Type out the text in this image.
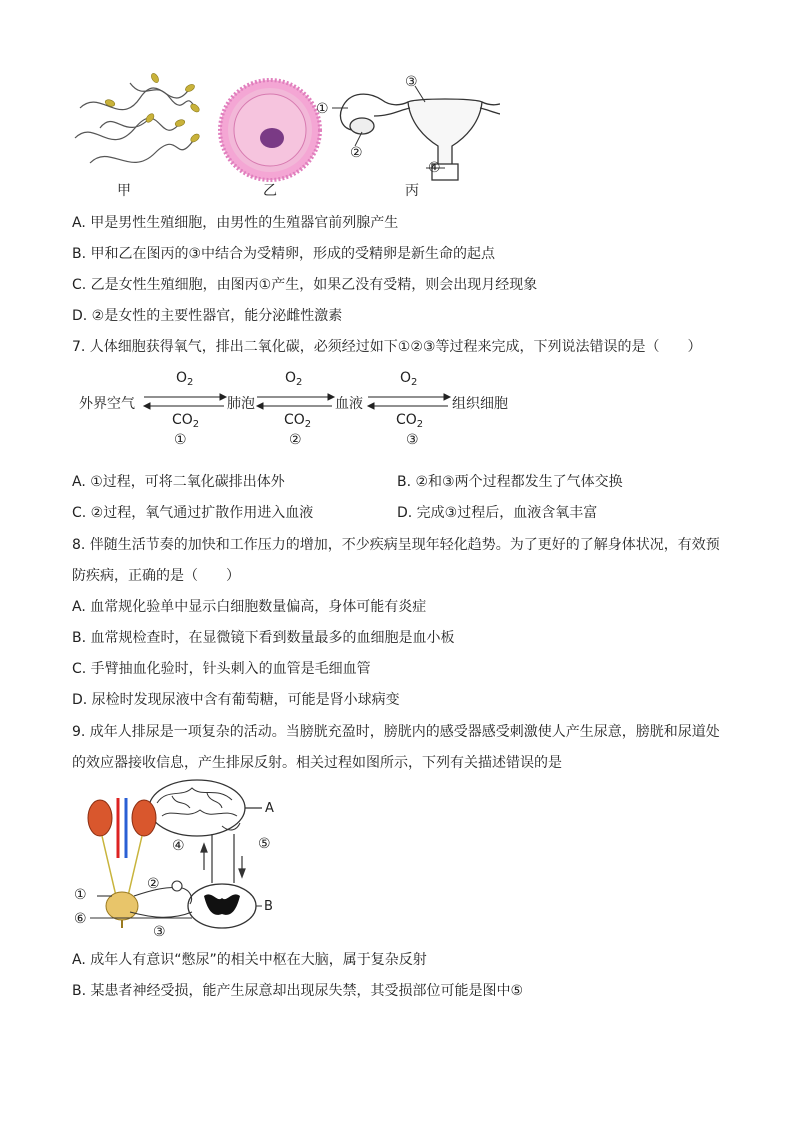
①
②
③
④
甲	乙	丙
A. 甲是男性生殖细胞，由男性的生殖器官前列腺产生
B. 甲和乙在图丙的③中结合为受精卵，形成的受精卵是新生命的起点
C. 乙是女性生殖细胞，由图丙①产生，如果乙没有受精，则会出现月经现象
D. ②是女性的主要性器官，能分泌雌性激素
7. 人体细胞获得氧气，排出二氧化碳，必须经过如下①②③等过程来完成，下列说法错误的是（　　）
外界空气	肺泡	血液	组织细胞
$O_2$	$O_2$	$O_2$
$CO_2$	$CO_2$	$CO_2$
①	②	③
A. ①过程，可将二氧化碳排出体外	B. ②和③两个过程都发生了气体交换
C. ②过程，氧气通过扩散作用进入血液	D. 完成③过程后，血液含氧丰富
8. 伴随生活节奏的加快和工作压力的增加，不少疾病呈现年轻化趋势。为了更好的了解身体状况，有效预
防疾病，正确的是（　　）
A. 血常规化验单中显示白细胞数量偏高，身体可能有炎症
B. 血常规检查时，在显微镜下看到数量最多的血细胞是血小板
C. 手臂抽血化验时，针头刺入的血管是毛细血管
D. 尿检时发现尿液中含有葡萄糖，可能是肾小球病变
9. 成年人排尿是一项复杂的活动。当膀胱充盈时，膀胱内的感受器感受刺激使人产生尿意，膀胱和尿道处
的效应器接收信息，产生排尿反射。相关过程如图所示，下列有关描述错误的是
A
B
①
②
③
④	⑤
⑥
A. 成年人有意识“憋尿”的相关中枢在大脑，属于复杂反射
B. 某患者神经受损，能产生尿意却出现尿失禁，其受损部位可能是图中⑤
